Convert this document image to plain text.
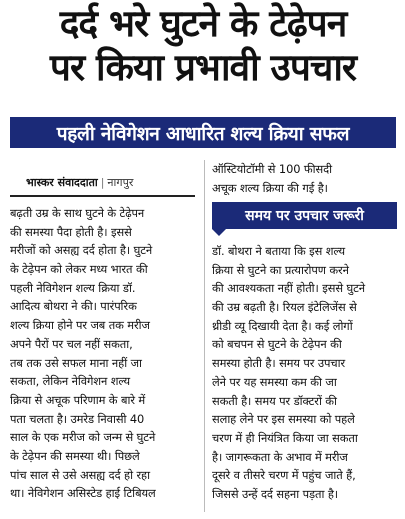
दर्द भरे घुटने के टेढ़ेपन
पर किया प्रभावी उपचार
पहली नेविगेशन आधारित शल्य क्रिया सफल
भास्कर संवाददाता | नागपुर
बढ़ती उम्र के साथ घुटने के टेढ़ेपन
की समस्या पैदा होती है। इससे
मरीजों को असह्य दर्द होता है। घुटने
के टेढ़ेपन को लेकर मध्य भारत की
पहली नेविगेशन शल्य क्रिया डॉ.
आदित्य बोथरा ने की। पारंपरिक
शल्य क्रिया होने पर जब तक मरीज
अपने पैरों पर चल नहीं सकता,
तब तक उसे सफल माना नहीं जा
सकता, लेकिन नेविगेशन शल्य
क्रिया से अचूक परिणाम के बारे में
पता चलता है। उमरेड निवासी 40
साल के एक मरीज को जन्म से घुटने
के टेढ़ेपन की समस्या थी। पिछले
पांच साल से उसे असह्य दर्द हो रहा
था। नेविगेशन असिस्टेड हाई टिबियल
ऑस्टियोटॉमी से 100 फीसदी
अचूक शल्य क्रिया की गई है।
समय पर उपचार जरूरी
डॉ. बोथरा ने बताया कि इस शल्य
क्रिया से घुटने का प्रत्यारोपण करने
की आवश्यकता नहीं होती। इससे घुटने
की उम्र बढ़ती है। रियल इंटेलिजेंस से
थ्रीडी व्यू दिखायी देता है। कई लोगों
को बचपन से घुटने के टेढ़ेपन की
समस्या होती है। समय पर उपचार
लेने पर यह समस्या कम की जा
सकती है। समय पर डॉक्टरों की
सलाह लेने पर इस समस्या को पहले
चरण में ही नियंत्रित किया जा सकता
है। जागरूकता के अभाव में मरीज
दूसरे व तीसरे चरण में पहुंच जाते हैं,
जिससे उन्हें दर्द सहना पड़ता है।
